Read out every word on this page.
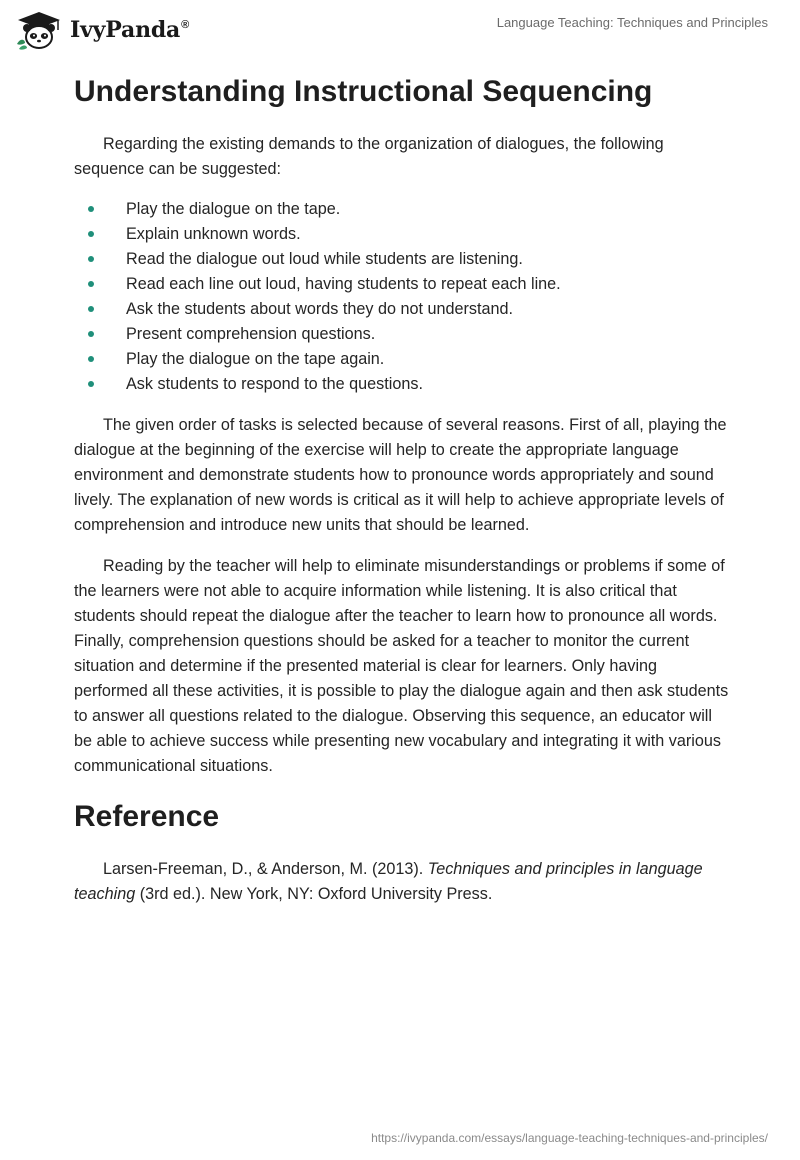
IvyPanda®	Language Teaching: Techniques and Principles
Understanding Instructional Sequencing

Regarding the existing demands to the organization of dialogues, the following sequence can be suggested:

Play the dialogue on the tape.
Explain unknown words.
Read the dialogue out loud while students are listening.
Read each line out loud, having students to repeat each line.
Ask the students about words they do not understand.
Present comprehension questions.
Play the dialogue on the tape again.
Ask students to respond to the questions.

The given order of tasks is selected because of several reasons. First of all, playing the dialogue at the beginning of the exercise will help to create the appropriate language environment and demonstrate students how to pronounce words appropriately and sound lively. The explanation of new words is critical as it will help to achieve appropriate levels of comprehension and introduce new units that should be learned.

Reading by the teacher will help to eliminate misunderstandings or problems if some of the learners were not able to acquire information while listening. It is also critical that students should repeat the dialogue after the teacher to learn how to pronounce all words. Finally, comprehension questions should be asked for a teacher to monitor the current situation and determine if the presented material is clear for learners. Only having performed all these activities, it is possible to play the dialogue again and then ask students to answer all questions related to the dialogue. Observing this sequence, an educator will be able to achieve success while presenting new vocabulary and integrating it with various communicational situations.

Reference

Larsen-Freeman, D., & Anderson, M. (2013). Techniques and principles in language teaching (3rd ed.). New York, NY: Oxford University Press.

https://ivypanda.com/essays/language-teaching-techniques-and-principles/
